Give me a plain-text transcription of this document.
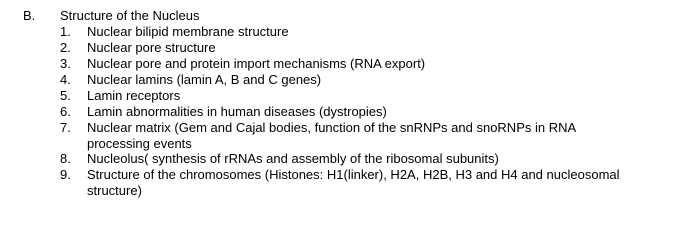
B. Structure of the Nucleus
1.	Nuclear bilipid membrane structure
2.	Nuclear pore structure
3.	Nuclear pore and protein import mechanisms (RNA export)
4.	Nuclear lamins (lamin A, B and C genes)
5.	Lamin receptors
6.	Lamin abnormalities in human diseases (dystropies)
7.	Nuclear matrix (Gem and Cajal bodies, function of the snRNPs and snoRNPs in RNA processing events
8.	Nucleolus( synthesis of rRNAs and assembly of the ribosomal subunits)
9.	Structure of the chromosomes (Histones: H1(linker), H2A, H2B, H3 and H4 and nucleosomal structure)
